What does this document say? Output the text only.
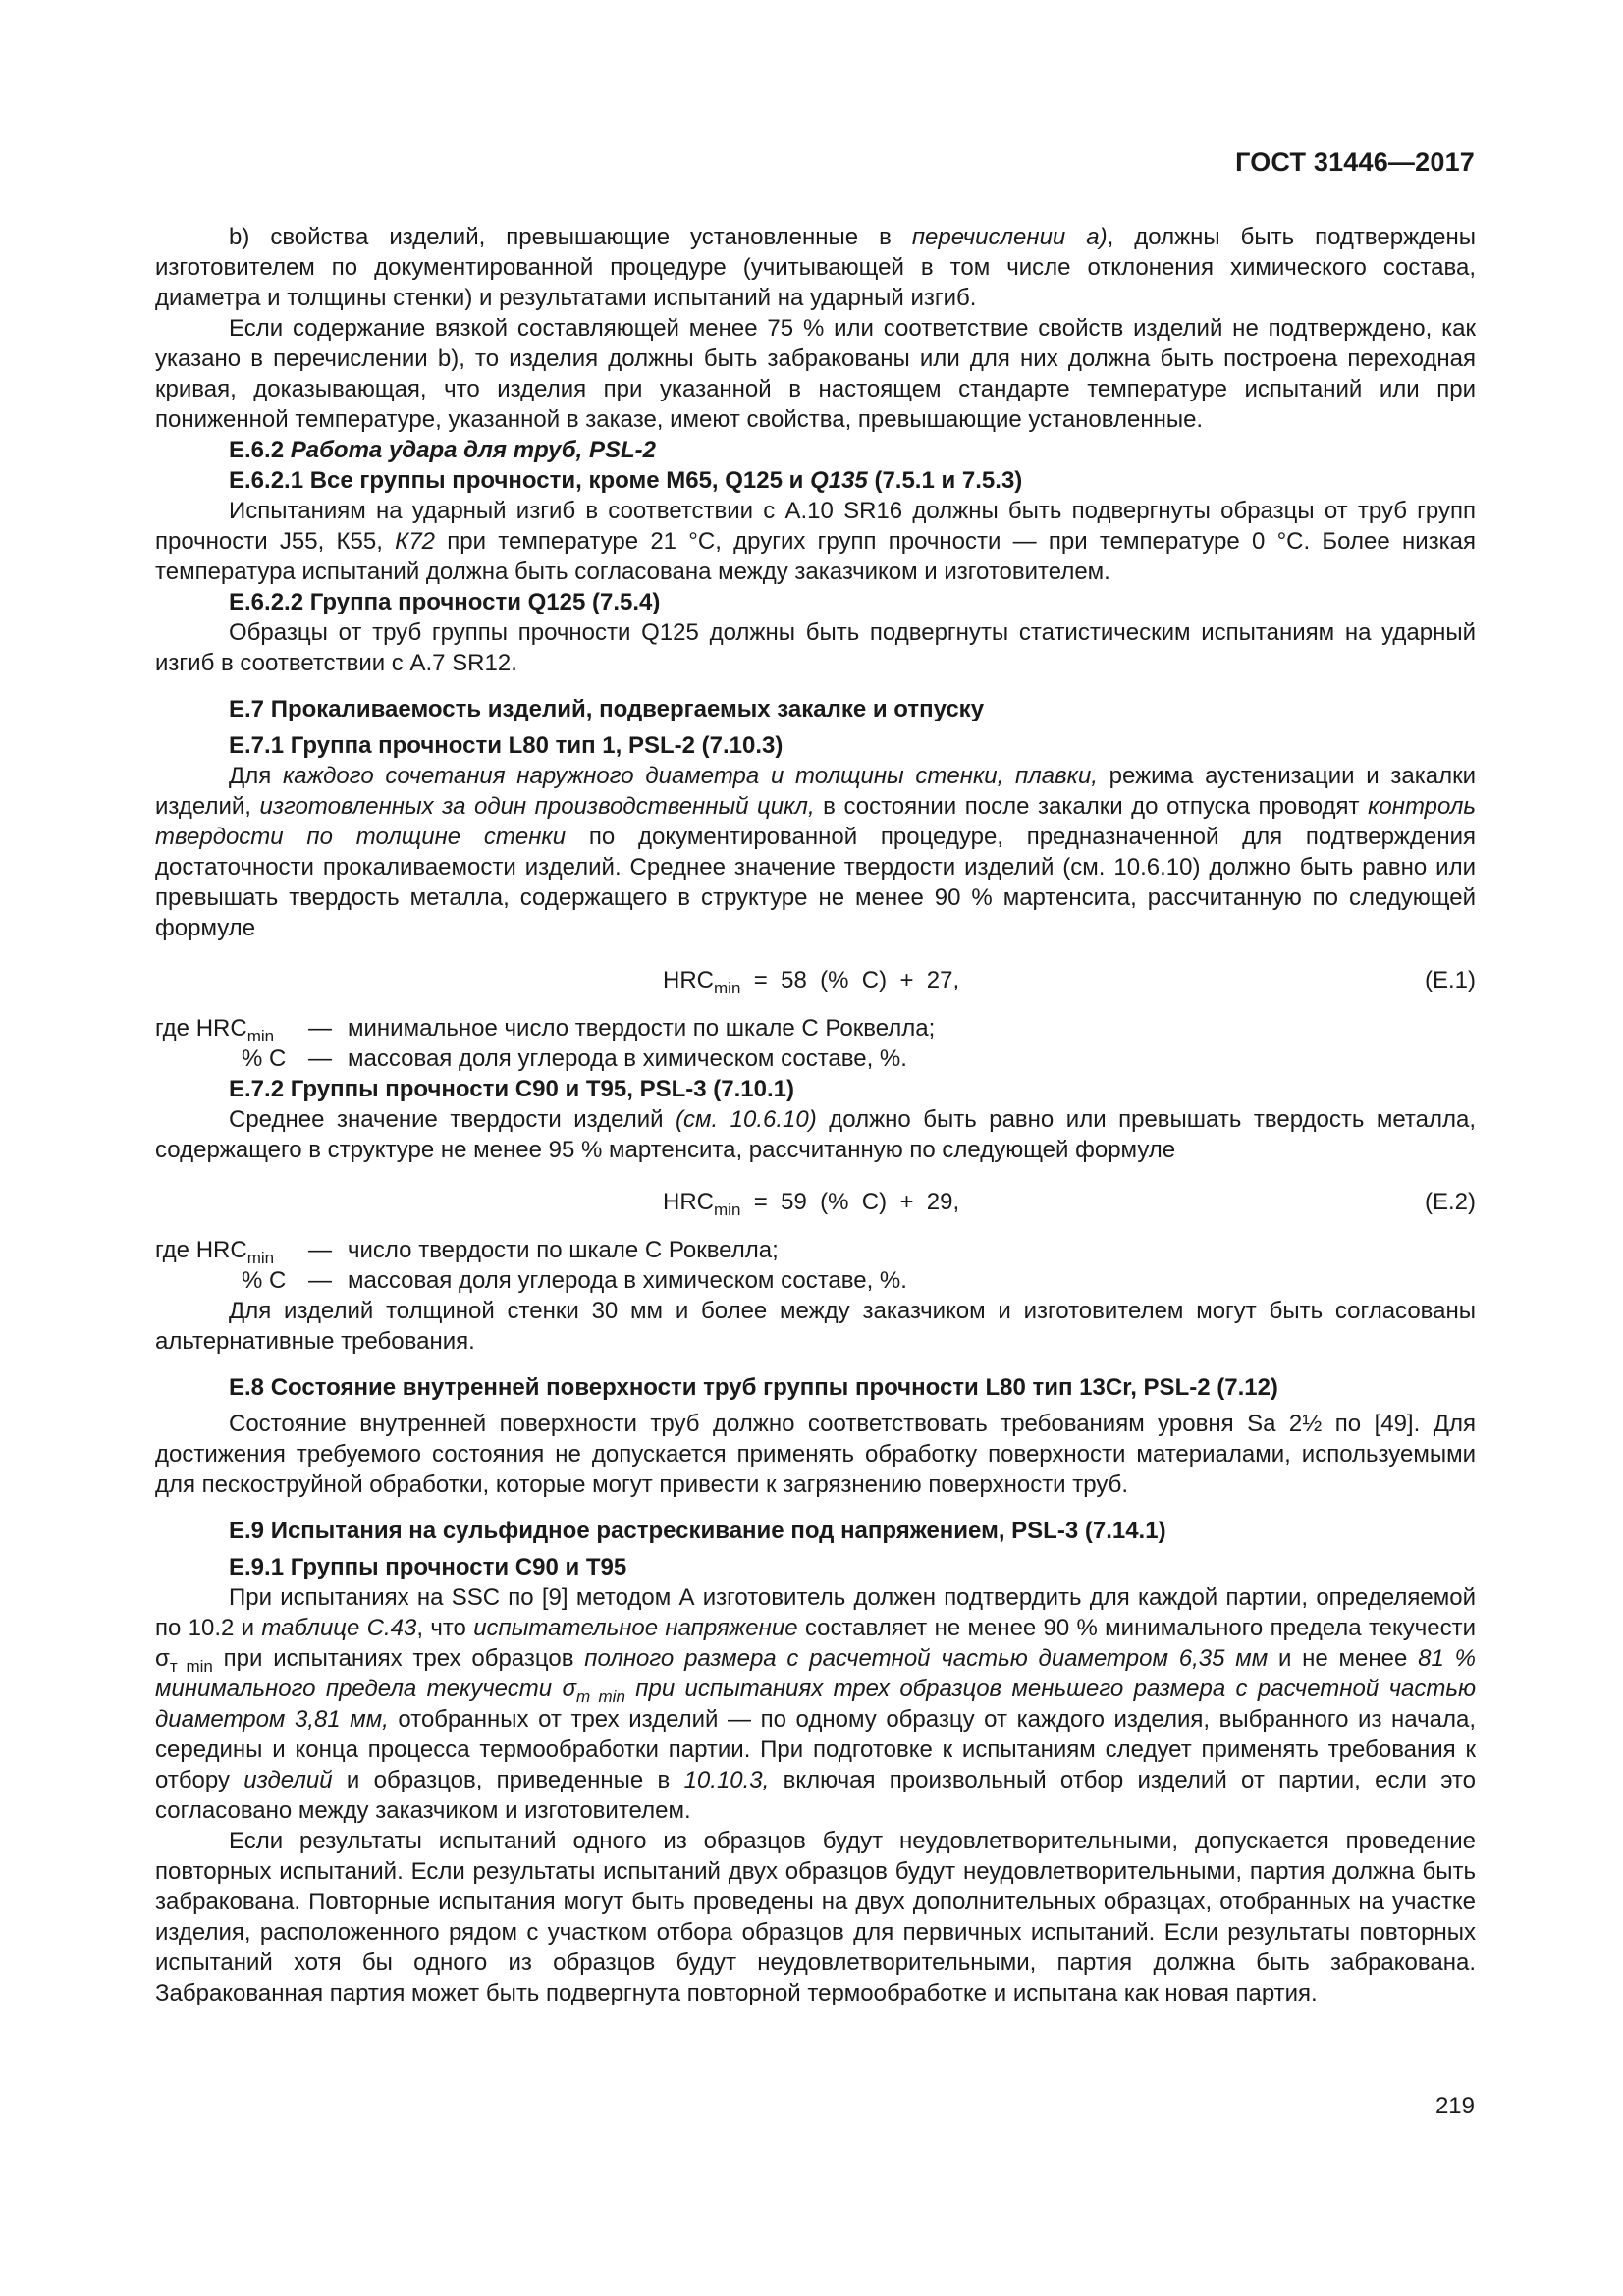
ГОСТ 31446—2017

b) свойства изделий, превышающие установленные в перечислении а), должны быть подтверждены изготовителем по документированной процедуре (учитывающей в том числе отклонения химического состава, диаметра и толщины стенки) и результатами испытаний на ударный изгиб.

Если содержание вязкой составляющей менее 75 % или соответствие свойств изделий не подтверждено, как указано в перечислении b), то изделия должны быть забракованы или для них должна быть построена переходная кривая, доказывающая, что изделия при указанной в настоящем стандарте температуре испытаний или при пониженной температуре, указанной в заказе, имеют свойства, превышающие установленные.

Е.6.2 Работа удара для труб, PSL-2

Е.6.2.1 Все группы прочности, кроме М65, Q125 и Q135 (7.5.1 и 7.5.3)

Испытаниям на ударный изгиб в соответствии с А.10 SR16 должны быть подвергнуты образцы от труб групп прочности J55, К55, К72 при температуре 21 °С, других групп прочности — при температуре 0 °С. Более низкая температура испытаний должна быть согласована между заказчиком и изготовителем.

Е.6.2.2 Группа прочности Q125 (7.5.4)

Образцы от труб группы прочности Q125 должны быть подвергнуты статистическим испытаниям на ударный изгиб в соответствии с А.7 SR12.

Е.7 Прокаливаемость изделий, подвергаемых закалке и отпуску

Е.7.1 Группа прочности L80 тип 1, PSL-2 (7.10.3)

Для каждого сочетания наружного диаметра и толщины стенки, плавки, режима аустенизации и закалки изделий, изготовленных за один производственный цикл, в состоянии после закалки до отпуска проводят контроль твердости по толщине стенки по документированной процедуре, предназначенной для подтверждения достаточности прокаливаемости изделий. Среднее значение твердости изделий (см. 10.6.10) должно быть равно или превышать твердость металла, содержащего в структуре не менее 90 % мартенсита, рассчитанную по следующей формуле

$HRC_{min} = 58$  (%  C)  +  27,	(Е.1)
где $HRC_{min}$ — минимальное число твердости по шкале С Роквелла;
% С — массовая доля углерода в химическом составе, %.

Е.7.2 Группы прочности С90 и Т95, PSL-3 (7.10.1)

Среднее значение твердости изделий (см. 10.6.10) должно быть равно или превышать твердость металла, содержащего в структуре не менее 95 % мартенсита, рассчитанную по следующей формуле

$HRC_{min} = 59$  (%  C)  +  29,	(Е.2)
где $HRC_{min}$ — число твердости по шкале С Роквелла;
% С — массовая доля углерода в химическом составе, %.

Для изделий толщиной стенки 30 мм и более между заказчиком и изготовителем могут быть согласованы альтернативные требования.

Е.8 Состояние внутренней поверхности труб группы прочности L80 тип 13Cr, PSL-2 (7.12)

Состояние внутренней поверхности труб должно соответствовать требованиям уровня Sa 2½ по [49]. Для достижения требуемого состояния не допускается применять обработку поверхности материалами, используемыми для пескоструйной обработки, которые могут привести к загрязнению поверхности труб.

Е.9 Испытания на сульфидное растрескивание под напряжением, PSL-3 (7.14.1)

Е.9.1 Группы прочности С90 и Т95

При испытаниях на SSC по [9] методом А изготовитель должен подтвердить для каждой партии, определяемой по 10.2 и таблице С.43, что испытательное напряжение составляет не менее 90 % минимального предела текучести $\sigma_{т min}$ при испытаниях трех образцов полного размера с расчетной частью диаметром 6,35 мм и не менее 81 % минимального предела текучести $\sigma_{т min}$ при испытаниях трех образцов меньшего размера с расчетной частью диаметром 3,81 мм, отобранных от трех изделий — по одному образцу от каждого изделия, выбранного из начала, середины и конца процесса термообработки партии. При подготовке к испытаниям следует применять требования к отбору изделий и образцов, приведенные в 10.10.3, включая произвольный отбор изделий от партии, если это согласовано между заказчиком и изготовителем.

Если результаты испытаний одного из образцов будут неудовлетворительными, допускается проведение повторных испытаний. Если результаты испытаний двух образцов будут неудовлетворительными, партия должна быть забракована. Повторные испытания могут быть проведены на двух дополнительных образцах, отобранных на участке изделия, расположенного рядом с участком отбора образцов для первичных испытаний. Если результаты повторных испытаний хотя бы одного из образцов будут неудовлетворительными, партия должна быть забракована. Забракованная партия может быть подвергнута повторной термообработке и испытана как новая партия.

219
